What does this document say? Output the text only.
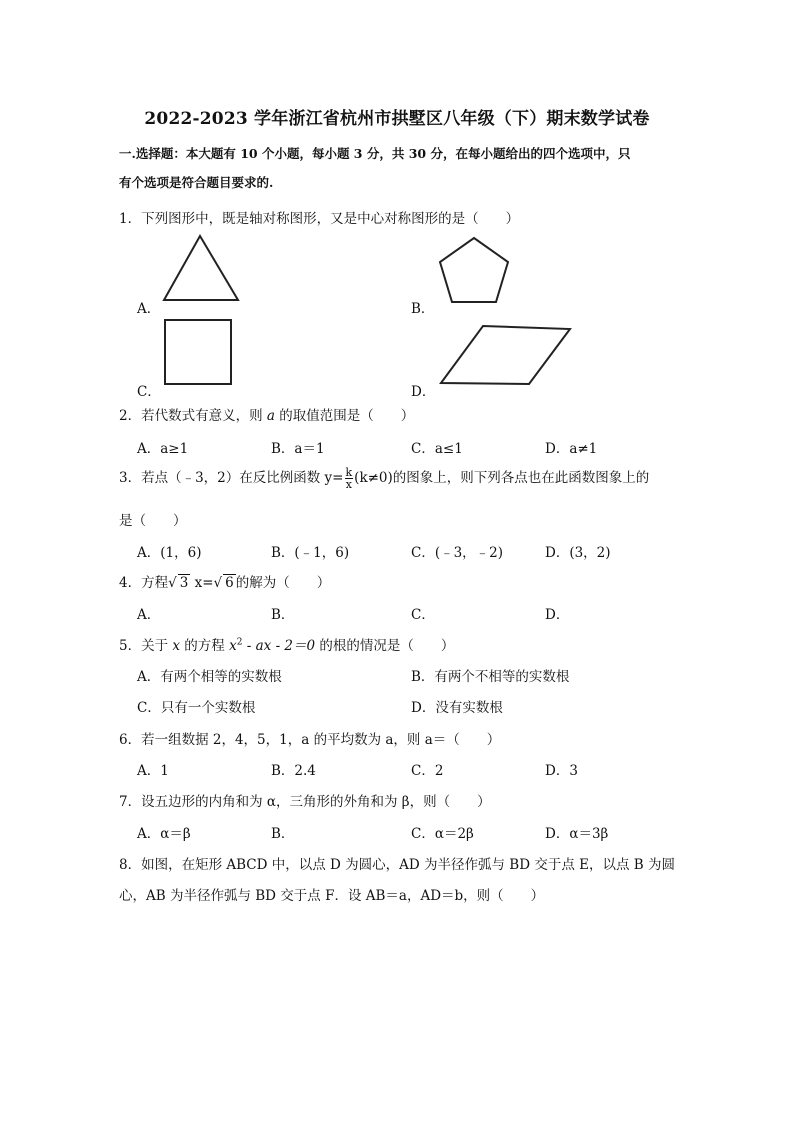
2022-2023 学年浙江省杭州市拱墅区八年级（下）期末数学试卷
一.选择题：本大题有 10 个小题，每小题 3 分，共 30 分，在每小题给出的四个选项中，只
有个选项是符合题目要求的.
1．下列图形中，既是轴对称图形，又是中心对称图形的是（　　）
A．	B．
C．	D．
2．若代数式有意义，则 a 的取值范围是（　　）
A．a≥1	B．a＝1	C．a≤1	D．a≠1
3．若点（﹣3，2）在反比例函数 $y= \frac{k}{x} (k\ne 0)$的图象上，则下列各点也在此函数图象上的
是（　　）
A．(1，6)	B．(﹣1，6)	C．(﹣3，﹣2)	D．(3，2)
4．方程√ 3 x=√ 6 的解为（　　）
A．	B．	C．	D．
5．关于 x 的方程 $x^2$ - ax - 2＝0 的根的情况是（　　）
A．有两个相等的实数根	B．有两个不相等的实数根
C．只有一个实数根	D．没有实数根
6．若一组数据 2，4，5，1，a 的平均数为 a，则 a＝（　　）
A．1	B．2.4	C．2	D．3
7．设五边形的内角和为 α，三角形的外角和为 β，则（　　）
A．α＝β	B．	C．α＝2β	D．α＝3β
8．如图，在矩形 ABCD 中，以点 D 为圆心，AD 为半径作弧与 BD 交于点 E，以点 B 为圆
心，AB 为半径作弧与 BD 交于点 F．设 AB＝a，AD＝b，则（　　）
